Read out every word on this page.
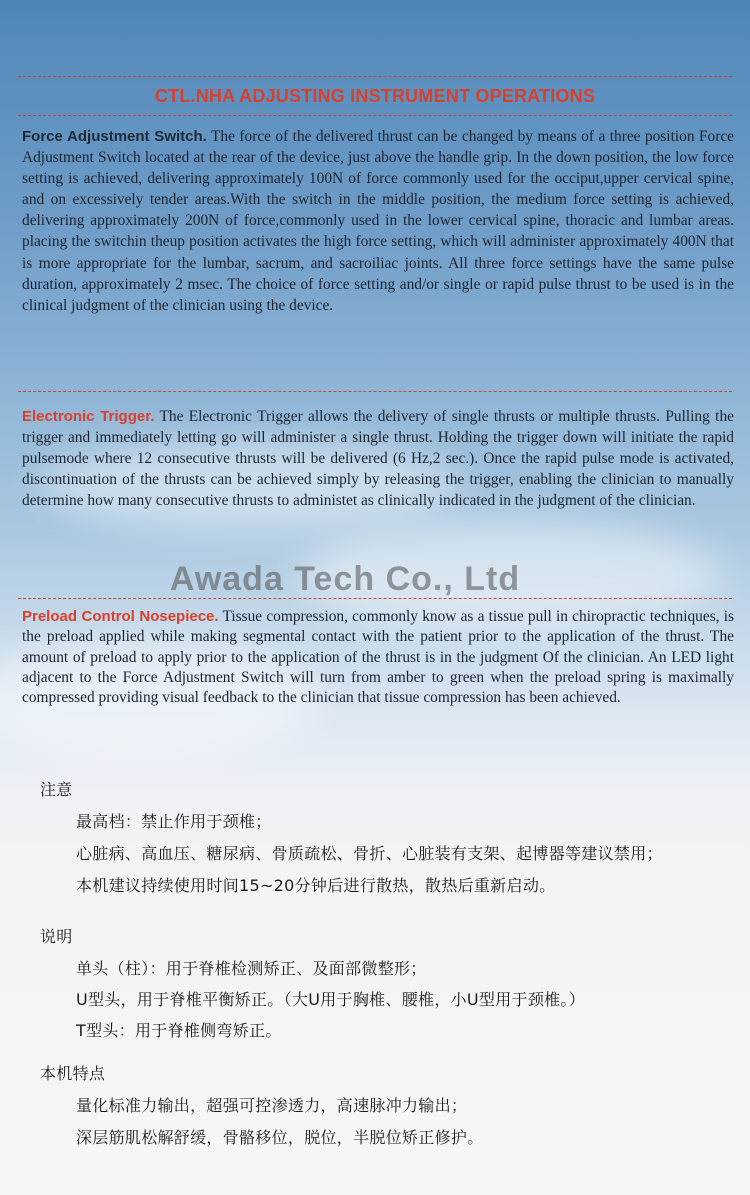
CTL.NHA ADJUSTING INSTRUMENT OPERATIONS

Force Adjustment Switch. The force of the delivered thrust can be changed by means of a three position Force Adjustment Switch located at the rear of the device, just above the handle grip. In the down position, the low force setting is achieved, delivering approximately 100N of force commonly used for the occiput,upper cervical spine, and on excessively tender areas.With the switch in the middle position, the medium force setting is achieved, delivering approximately 200N of force,commonly used in the lower cervical spine, thoracic and lumbar areas. placing the switchin theup position activates the high force setting, which will administer approximately 400N that is more appropriate for the lumbar, sacrum, and sacroiliac joints. All three force settings have the same pulse duration, approximately 2 msec. The choice of force setting and/or single or rapid pulse thrust to be used is in the clinical judgment of the clinician using the device.

Electronic Trigger. The Electronic Trigger allows the delivery of single thrusts or multiple thrusts. Pulling the trigger and immediately letting go will administer a single thrust. Holding the trigger down will initiate the rapid pulsemode where 12 consecutive thrusts will be delivered (6 Hz,2 sec.). Once the rapid pulse mode is activated, discontinuation of the thrusts can be achieved simply by releasing the trigger, enabling the clinician to manually determine how many consecutive thrusts to administet as clinically indicated in the judgment of the clinician.

Awada Tech Co., Ltd

Preload Control Nosepiece. Tissue compression, commonly know as a tissue pull in chiropractic techniques, is the preload applied while making segmental contact with the patient prior to the application of the thrust. The amount of preload to apply prior to the application of the thrust is in the judgment Of the clinician. An LED light adjacent to the Force Adjustment Switch will turn from amber to green when the preload spring is maximally compressed providing visual feedback to the clinician that tissue compression has been achieved.

注意
最高档：禁止作用于颈椎；
心脏病、高血压、糖尿病、骨质疏松、骨折、心脏装有支架、起博器等建议禁用；
本机建议持续使用时间15~20分钟后进行散热，散热后重新启动。
说明
单头（柱）：用于脊椎检测矫正、及面部微整形；
U型头，用于脊椎平衡矫正。（大U用于胸椎、腰椎，小U型用于颈椎。）
T型头：用于脊椎侧弯矫正。
本机特点
量化标准力输出，超强可控渗透力，高速脉冲力输出；
深层筋肌松解舒缓，骨骼移位，脱位，半脱位矫正修护。
